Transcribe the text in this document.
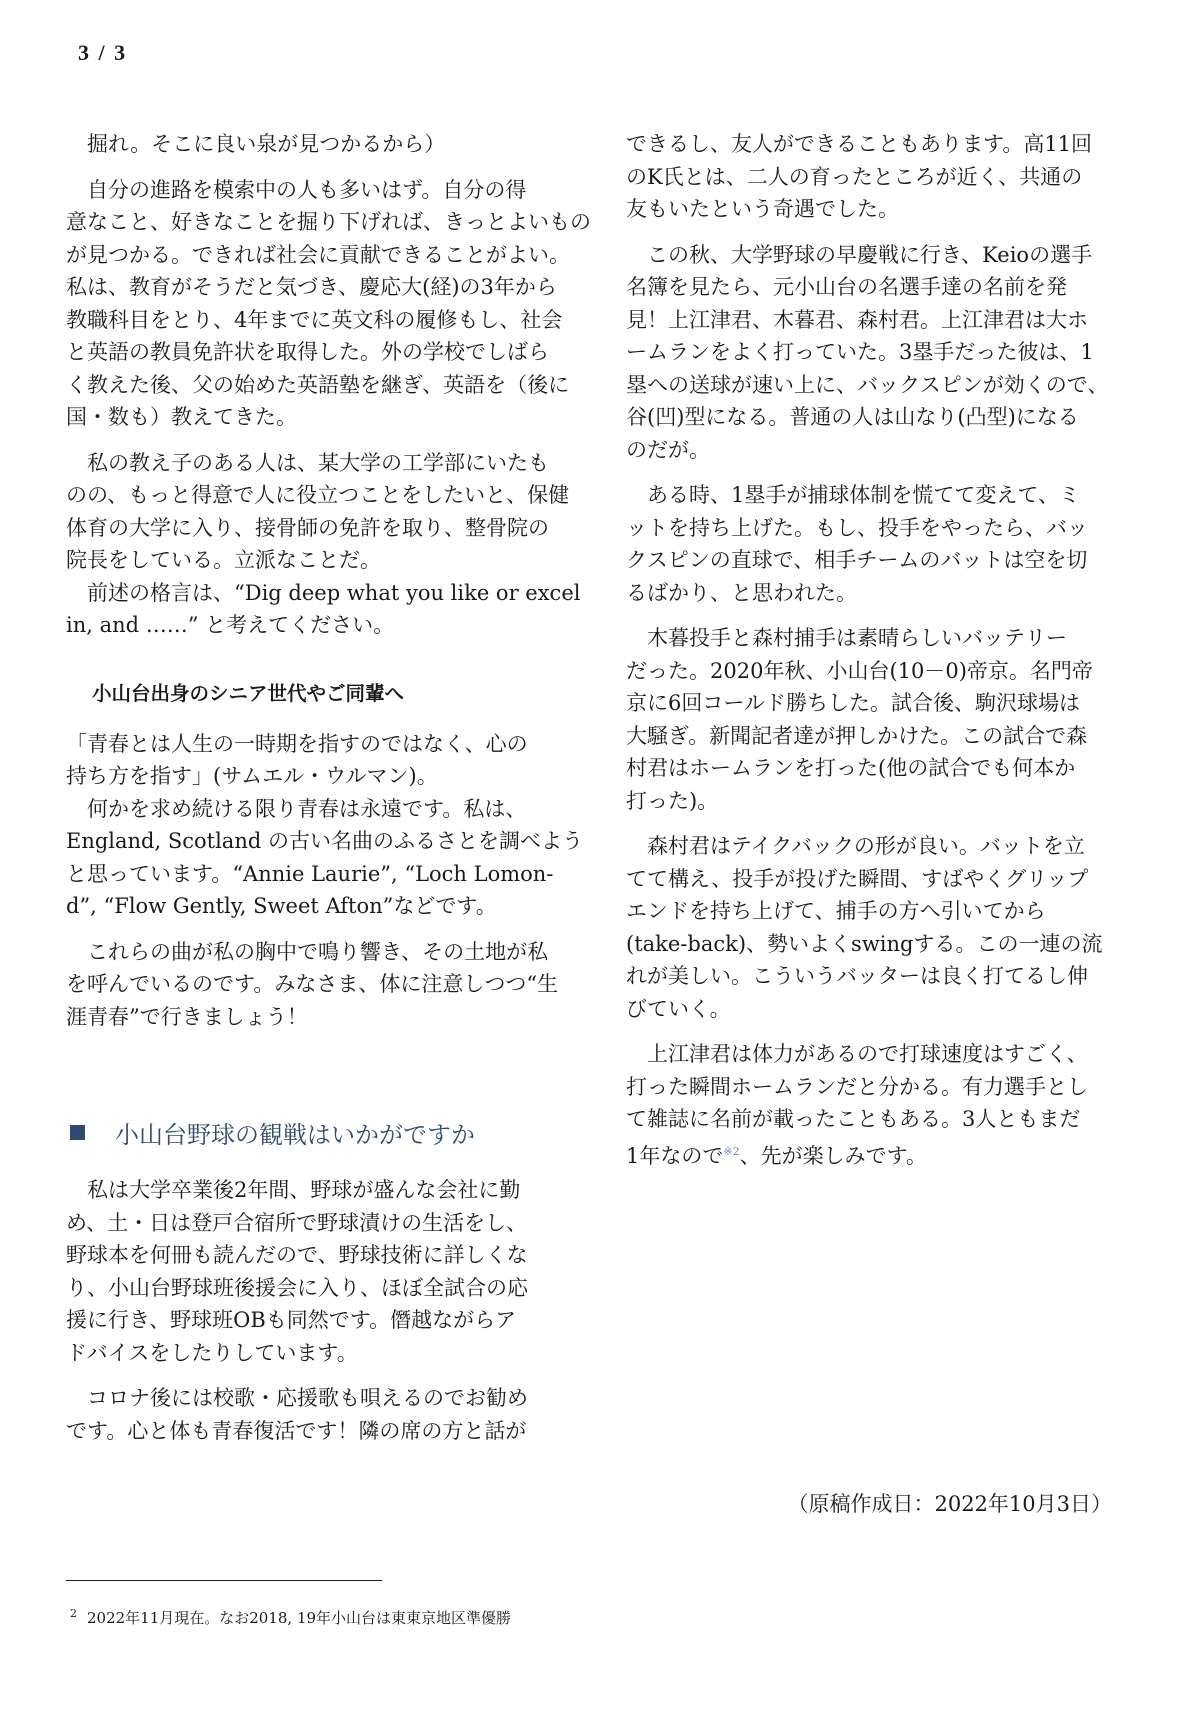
3 / 3
　掘れ。そこに良い泉が見つかるから）
　自分の進路を模索中の人も多いはず。自分の得
意なこと、好きなことを掘り下げれば、きっとよいもの
が見つかる。できれば社会に貢献できることがよい。
私は、教育がそうだと気づき、慶応大(経)の3年から
教職科目をとり、4年までに英文科の履修もし、社会
と英語の教員免許状を取得した。外の学校でしばら
く教えた後、父の始めた英語塾を継ぎ、英語を（後に
国・数も）教えてきた。
　私の教え子のある人は、某大学の工学部にいたも
のの、もっと得意で人に役立つことをしたいと、保健
体育の大学に入り、接骨師の免許を取り、整骨院の
院長をしている。立派なことだ。
　前述の格言は、“Dig deep what you like or excel
in, and ……” と考えてください。
小山台出身のシニア世代やご同輩へ
「青春とは人生の一時期を指すのではなく、心の
持ち方を指す」(サムエル・ウルマン)。
　何かを求め続ける限り青春は永遠です。私は、
England, Scotland の古い名曲のふるさとを調べよう
と思っています。“Annie Laurie”, “Loch Lomon-
d”, “Flow Gently, Sweet Afton”などです。
　これらの曲が私の胸中で鳴り響き、その土地が私
を呼んでいるのです。みなさま、体に注意しつつ“生
涯青春”で行きましょう！
小山台野球の観戦はいかがですか
　私は大学卒業後2年間、野球が盛んな会社に勤
め、土・日は登戸合宿所で野球漬けの生活をし、
野球本を何冊も読んだので、野球技術に詳しくな
り、小山台野球班後援会に入り、ほぼ全試合の応
援に行き、野球班OBも同然です。僭越ながらア
ドバイスをしたりしています。
　コロナ後には校歌・応援歌も唄えるのでお勧め
です。心と体も青春復活です！隣の席の方と話が
できるし、友人ができることもあります。高11回
のK氏とは、二人の育ったところが近く、共通の
友もいたという奇遇でした。
　この秋、大学野球の早慶戦に行き、Keioの選手
名簿を見たら、元小山台の名選手達の名前を発
見！上江津君、木暮君、森村君。上江津君は大ホ
ームランをよく打っていた。3塁手だった彼は、1
塁への送球が速い上に、バックスピンが効くので、
谷(凹)型になる。普通の人は山なり(凸型)になる
のだが。
　ある時、1塁手が捕球体制を慌てて変えて、ミ
ットを持ち上げた。もし、投手をやったら、バッ
クスピンの直球で、相手チームのバットは空を切
るばかり、と思われた。
　木暮投手と森村捕手は素晴らしいバッテリー
だった。2020年秋、小山台(10－0)帝京。名門帝
京に6回コールド勝ちした。試合後、駒沢球場は
大騒ぎ。新聞記者達が押しかけた。この試合で森
村君はホームランを打った(他の試合でも何本か
打った)。
　森村君はテイクバックの形が良い。バットを立
てて構え、投手が投げた瞬間、すばやくグリップ
エンドを持ち上げて、捕手の方へ引いてから
(take-back)、勢いよくswingする。この一連の流
れが美しい。こういうバッターは良く打てるし伸
びていく。
　上江津君は体力があるので打球速度はすごく、
打った瞬間ホームランだと分かる。有力選手とし
て雑誌に名前が載ったこともある。3人ともまだ
1年なので$^{※2}$、先が楽しみです。
（原稿作成日：2022年10月3日）
$^2$ 2022年11月現在。なお2018, 19年小山台は東東京地区準優勝
